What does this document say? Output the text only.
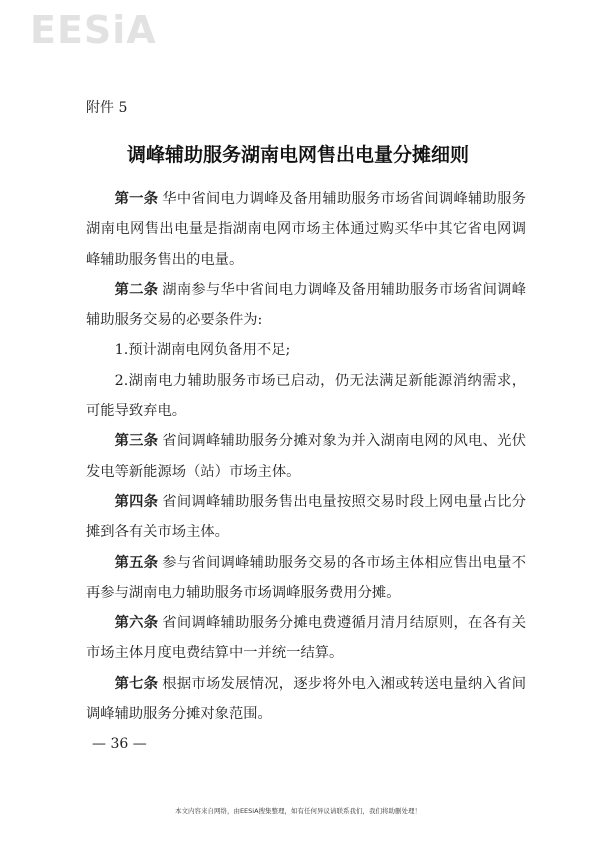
EESiA
附件 5
调峰辅助服务湖南电网售出电量分摊细则

第一条 华中省间电力调峰及备用辅助服务市场省间调峰辅助服务湖南电网售出电量是指湖南电网市场主体通过购买华中其它省电网调峰辅助服务售出的电量。

第二条 湖南参与华中省间电力调峰及备用辅助服务市场省间调峰辅助服务交易的必要条件为:

1.预计湖南电网负备用不足;

2.湖南电力辅助服务市场已启动，仍无法满足新能源消纳需求，可能导致弃电。

第三条 省间调峰辅助服务分摊对象为并入湖南电网的风电、光伏发电等新能源场（站）市场主体。

第四条 省间调峰辅助服务售出电量按照交易时段上网电量占比分摊到各有关市场主体。

第五条 参与省间调峰辅助服务交易的各市场主体相应售出电量不再参与湖南电力辅助服务市场调峰服务费用分摊。

第六条 省间调峰辅助服务分摊电费遵循月清月结原则，在各有关市场主体月度电费结算中一并统一结算。

第七条 根据市场发展情况，逐步将外电入湘或转送电量纳入省间调峰辅助服务分摊对象范围。

— 36 —
本文内容来自网络，由EESiA搜集整理，如有任何异议请联系我们，我们将助删处理！
